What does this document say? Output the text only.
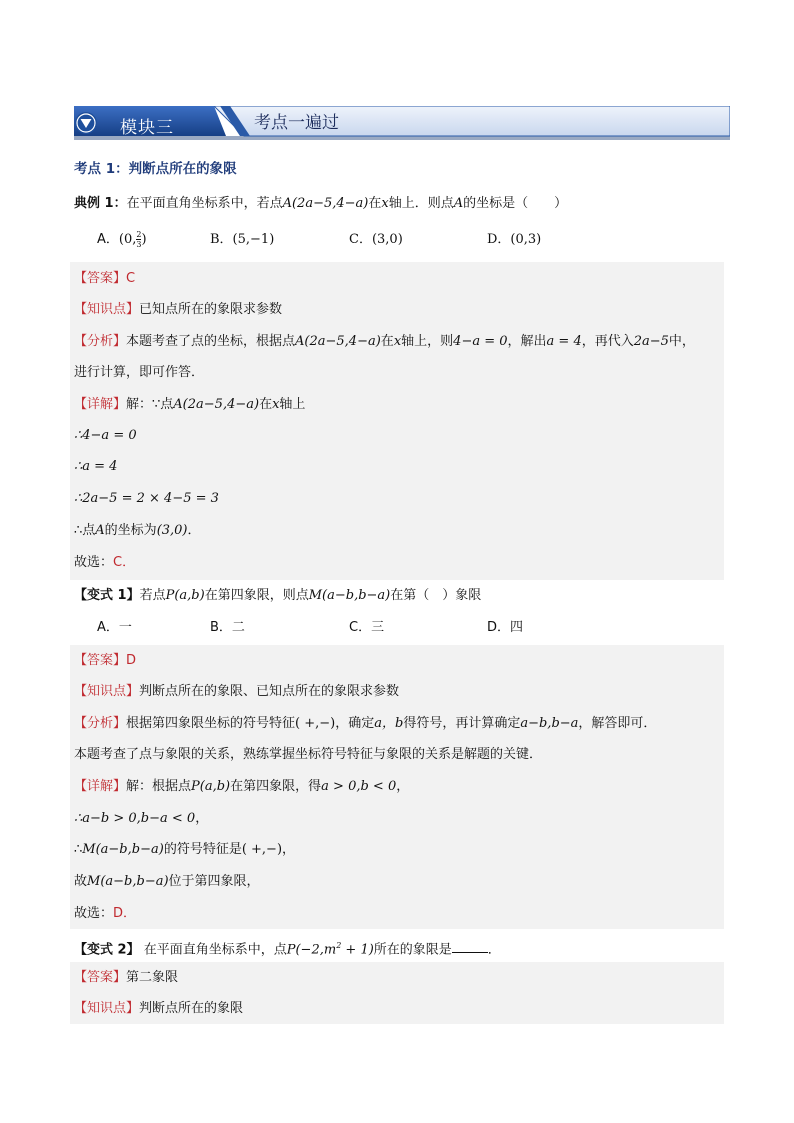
模块三	考点一遍过
考点 1：判断点所在的象限
典例 1：在平面直角坐标系中，若点A(2a−5,4−a)在x轴上．则点A的坐标是（　　）
A．(0, $\frac{2}{3}$ )	B．(5,−1)	C．(3,0)	D．(0,3)
【答案】C
【知识点】已知点所在的象限求参数
【分析】本题考查了点的坐标，根据点A(2a−5,4−a)在x轴上，则4−a = 0，解出a = 4，再代入2a−5中，
进行计算，即可作答．
【详解】解：∵点A(2a−5,4−a)在x轴上
∴4−a = 0
∴a = 4
∴2a−5 = 2 × 4−5 = 3
∴点A的坐标为(3,0)．
故选：C．
【变式 1】若点P(a,b)在第四象限，则点M(a−b,b−a)在第（　）象限
A．一	B．二	C．三	D．四
【答案】D
【知识点】判断点所在的象限、已知点所在的象限求参数
【分析】根据第四象限坐标的符号特征( +,−)，确定a，b得符号，再计算确定a−b,b−a，解答即可．
本题考查了点与象限的关系，熟练掌握坐标符号特征与象限的关系是解题的关键．
【详解】解：根据点P(a,b)在第四象限，得a > 0,b < 0，
∴a−b > 0,b−a < 0，
∴M(a−b,b−a)的符号特征是( +,−)，
故M(a−b,b−a)位于第四象限，
故选：D．
【变式 2】 在平面直角坐标系中，点$P(-2,m^2 + 1)$所在的象限是	．
【答案】第二象限
【知识点】判断点所在的象限
